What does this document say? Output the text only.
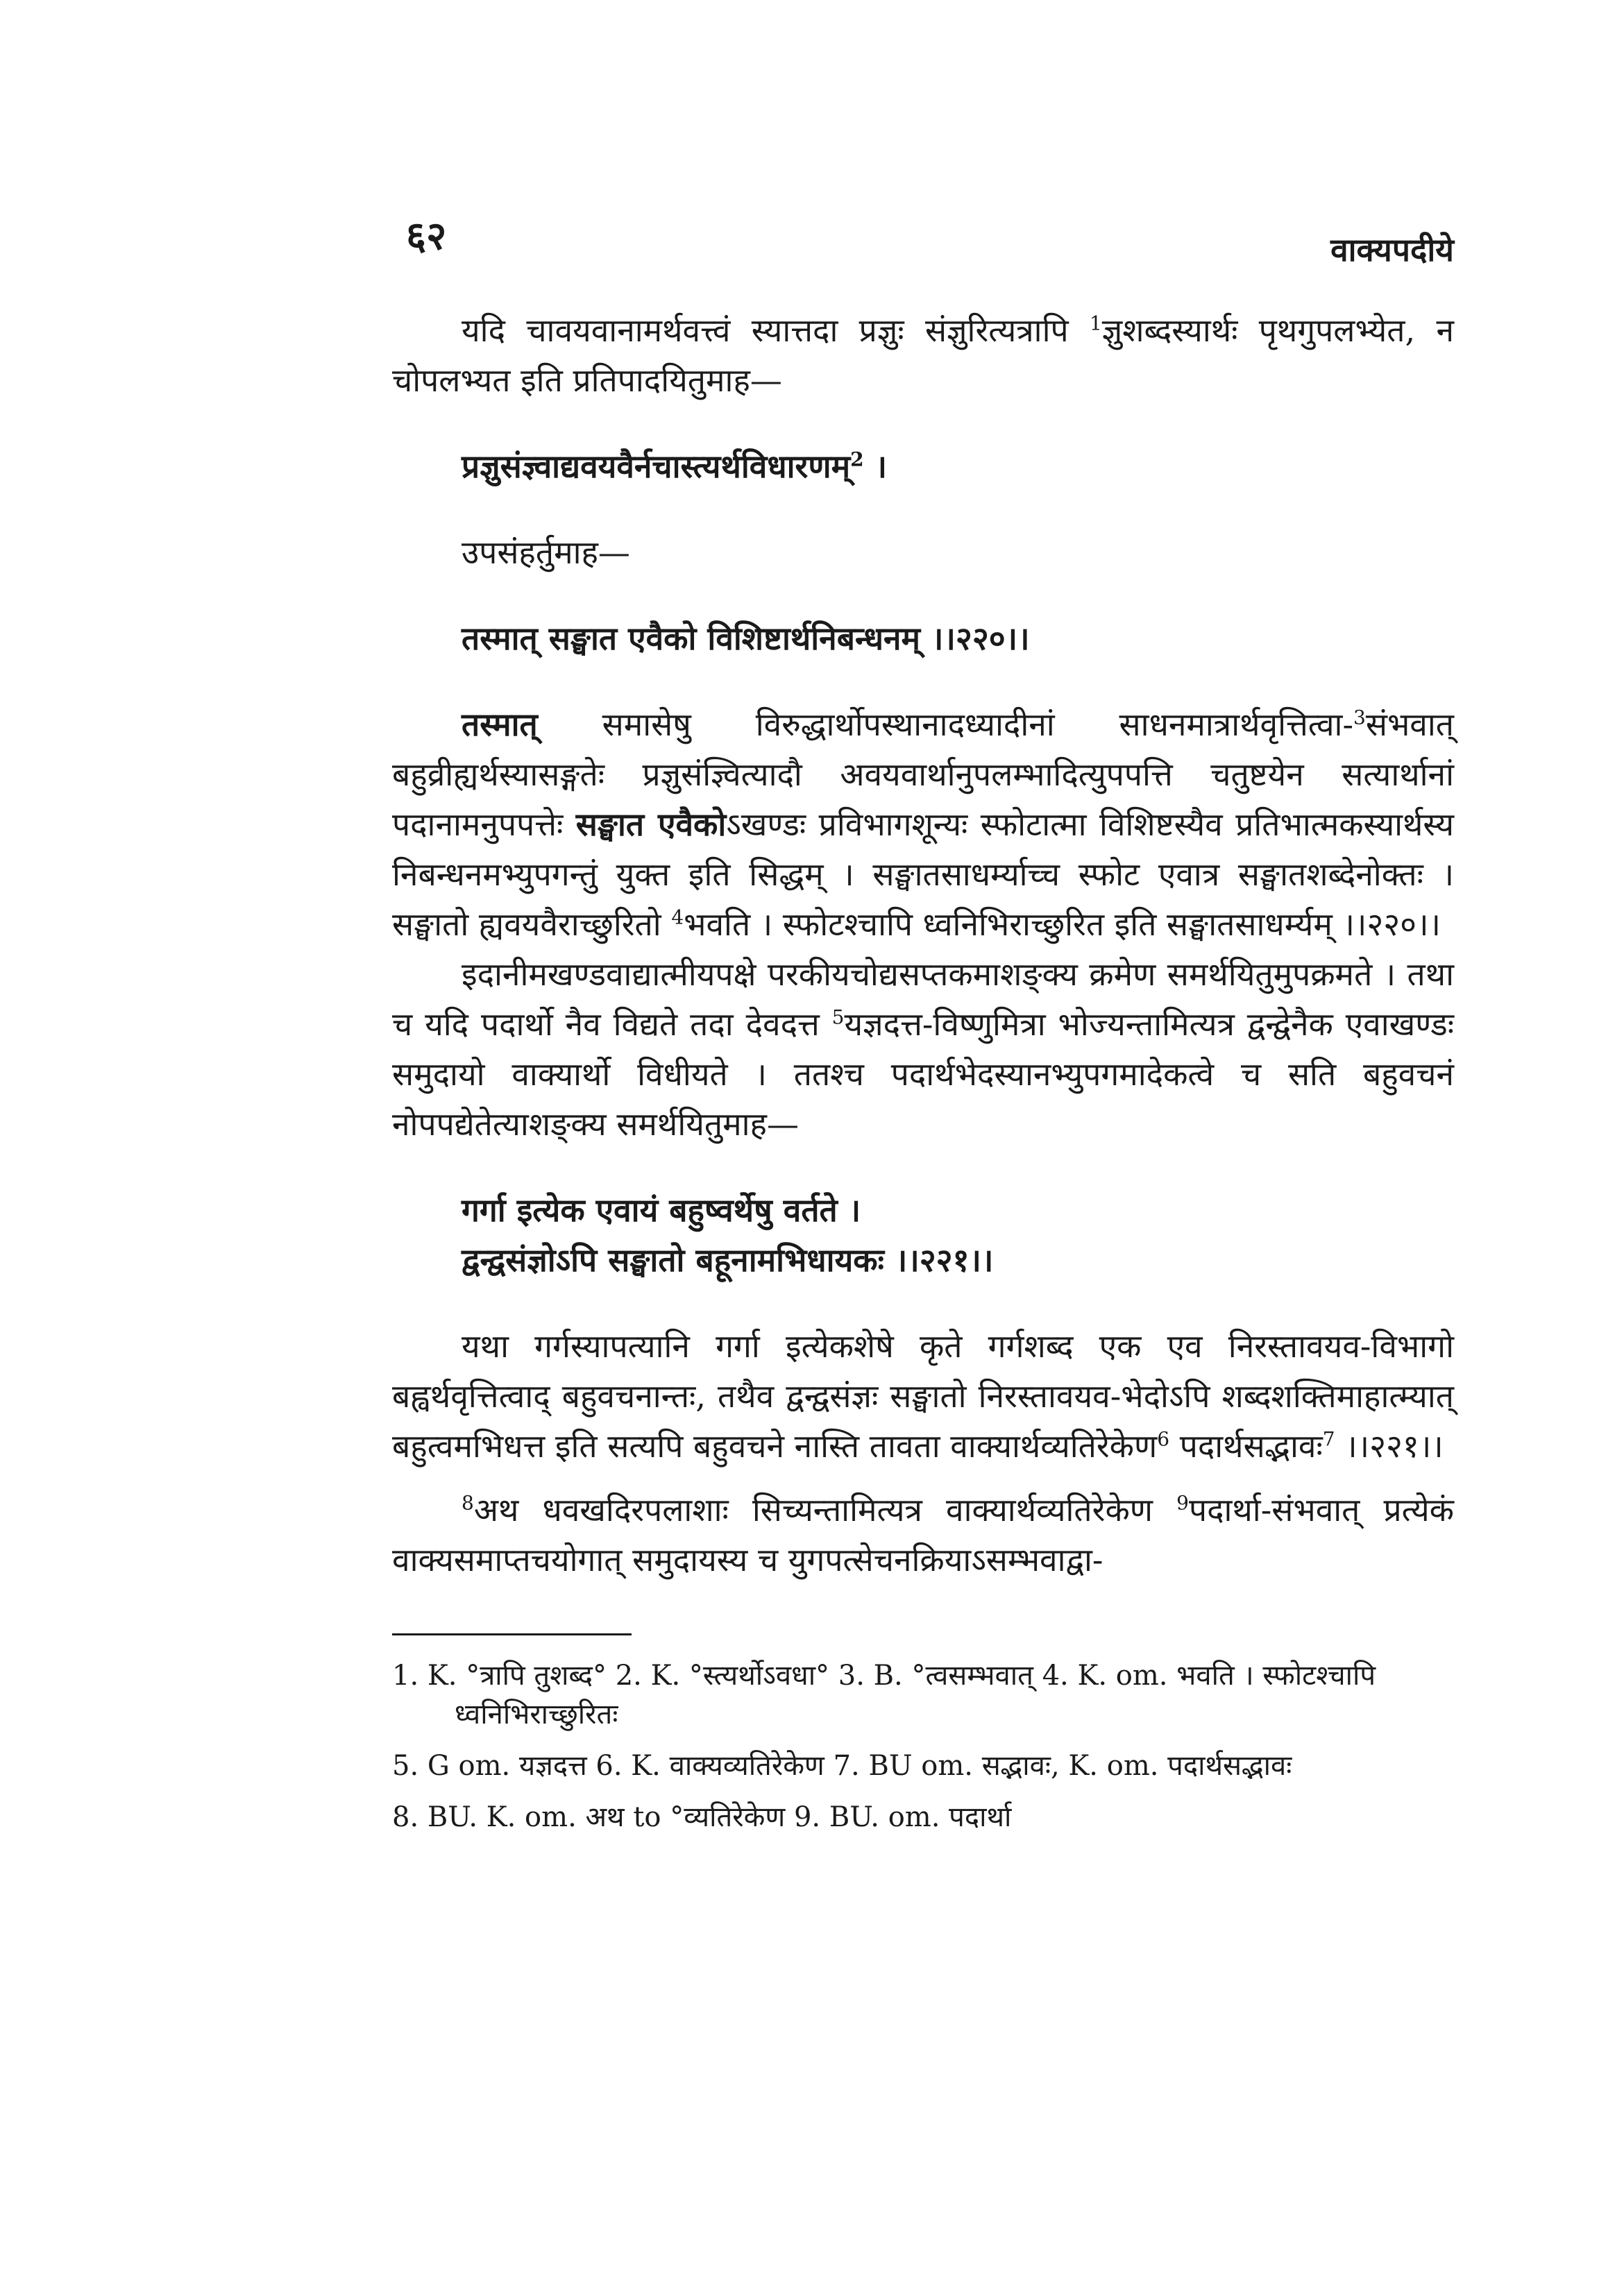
६२	वाक्यपदीये

यदि चावयवानामर्थवत्त्वं स्यात्तदा प्रज्ञुः संज्ञुरित्यत्रापि $^1$ज्ञुशब्दस्यार्थः पृथगुपलभ्येत, न चोपलभ्यत इति प्रतिपादयितुमाह—

प्रज्ञुसंज्ञ्वाद्यवयवैर्नचास्त्यर्थविधारणम्$^2$ ।

उपसंहर्तुमाह—

तस्मात् सङ्घात एवैको विशिष्टार्थनिबन्धनम् ।।२२०।।

तस्मात् समासेषु विरुद्धार्थोपस्थानादध्यादीनां साधनमात्रार्थवृत्तित्वा-$^3$संभवात् बहुव्रीह्यर्थस्यासङ्गतेः प्रज्ञुसंज्ञ्वित्यादौ अवयवार्थानुपलम्भादित्युपपत्ति चतुष्टयेन सत्यार्थानां पदानामनुपपत्तेः सङ्घात एवैकोऽखण्डः प्रविभागशून्यः स्फोटात्मा विशिष्टस्यैव प्रतिभात्मकस्यार्थस्य निबन्धनमभ्युपगन्तुं युक्त इति सिद्धम् । सङ्घातसाधर्म्याच्च स्फोट एवात्र सङ्घातशब्देनोक्तः । सङ्घातो ह्यवयवैराच्छुरितो $^4$भवति । स्फोटश्चापि ध्वनिभिराच्छुरित इति सङ्घातसाधर्म्यम् ।।२२०।।

इदानीमखण्डवाद्यात्मीयपक्षे परकीयचोद्यसप्तकमाशङ्क्य क्रमेण समर्थयितुमुपक्रमते । तथा च यदि पदार्थो नैव विद्यते तदा देवदत्त $^5$यज्ञदत्त-विष्णुमित्रा भोज्यन्तामित्यत्र द्वन्द्वेनैक एवाखण्डः समुदायो वाक्यार्थो विधीयते । ततश्च पदार्थभेदस्यानभ्युपगमादेकत्वे च सति बहुवचनं नोपपद्येतेत्याशङ्क्य समर्थयितुमाह—

गर्गा इत्येक एवायं बहुष्वर्थेषु वर्तते ।
द्वन्द्वसंज्ञोऽपि सङ्घातो बहूनामभिधायकः ।।२२१।।

यथा गर्गस्यापत्यानि गर्गा इत्येकशेषे कृते गर्गशब्द एक एव निरस्तावयव-विभागो बह्वर्थवृत्तित्वाद् बहुवचनान्तः, तथैव द्वन्द्वसंज्ञः सङ्घातो निरस्तावयव-भेदोऽपि शब्दशक्तिमाहात्म्यात् बहुत्वमभिधत्त इति सत्यपि बहुवचने नास्ति तावता वाक्यार्थव्यतिरेकेण$^6$ पदार्थसद्भावः$^7$ ।।२२१।।

$^8$अथ धवखदिरपलाशाः सिच्यन्तामित्यत्र वाक्यार्थव्यतिरेकेण $^9$पदार्था-संभवात् प्रत्येकं वाक्यसमाप्तचयोगात् समुदायस्य च युगपत्सेचनक्रियाऽसम्भवाद्वा-

1. K. °त्रापि तुशब्द° 2. K. °स्त्यर्थोऽवधा° 3. B. °त्वसम्भवात् 4. K. om. भवति । स्फोटश्चापि ध्वनिभिराच्छुरितः

5. G om. यज्ञदत्त 6. K. वाक्यव्यतिरेकेण 7. BU om. सद्भावः, K. om. पदार्थसद्भावः

8. BU. K. om. अथ to °व्यतिरेकेण 9. BU. om. पदार्था
